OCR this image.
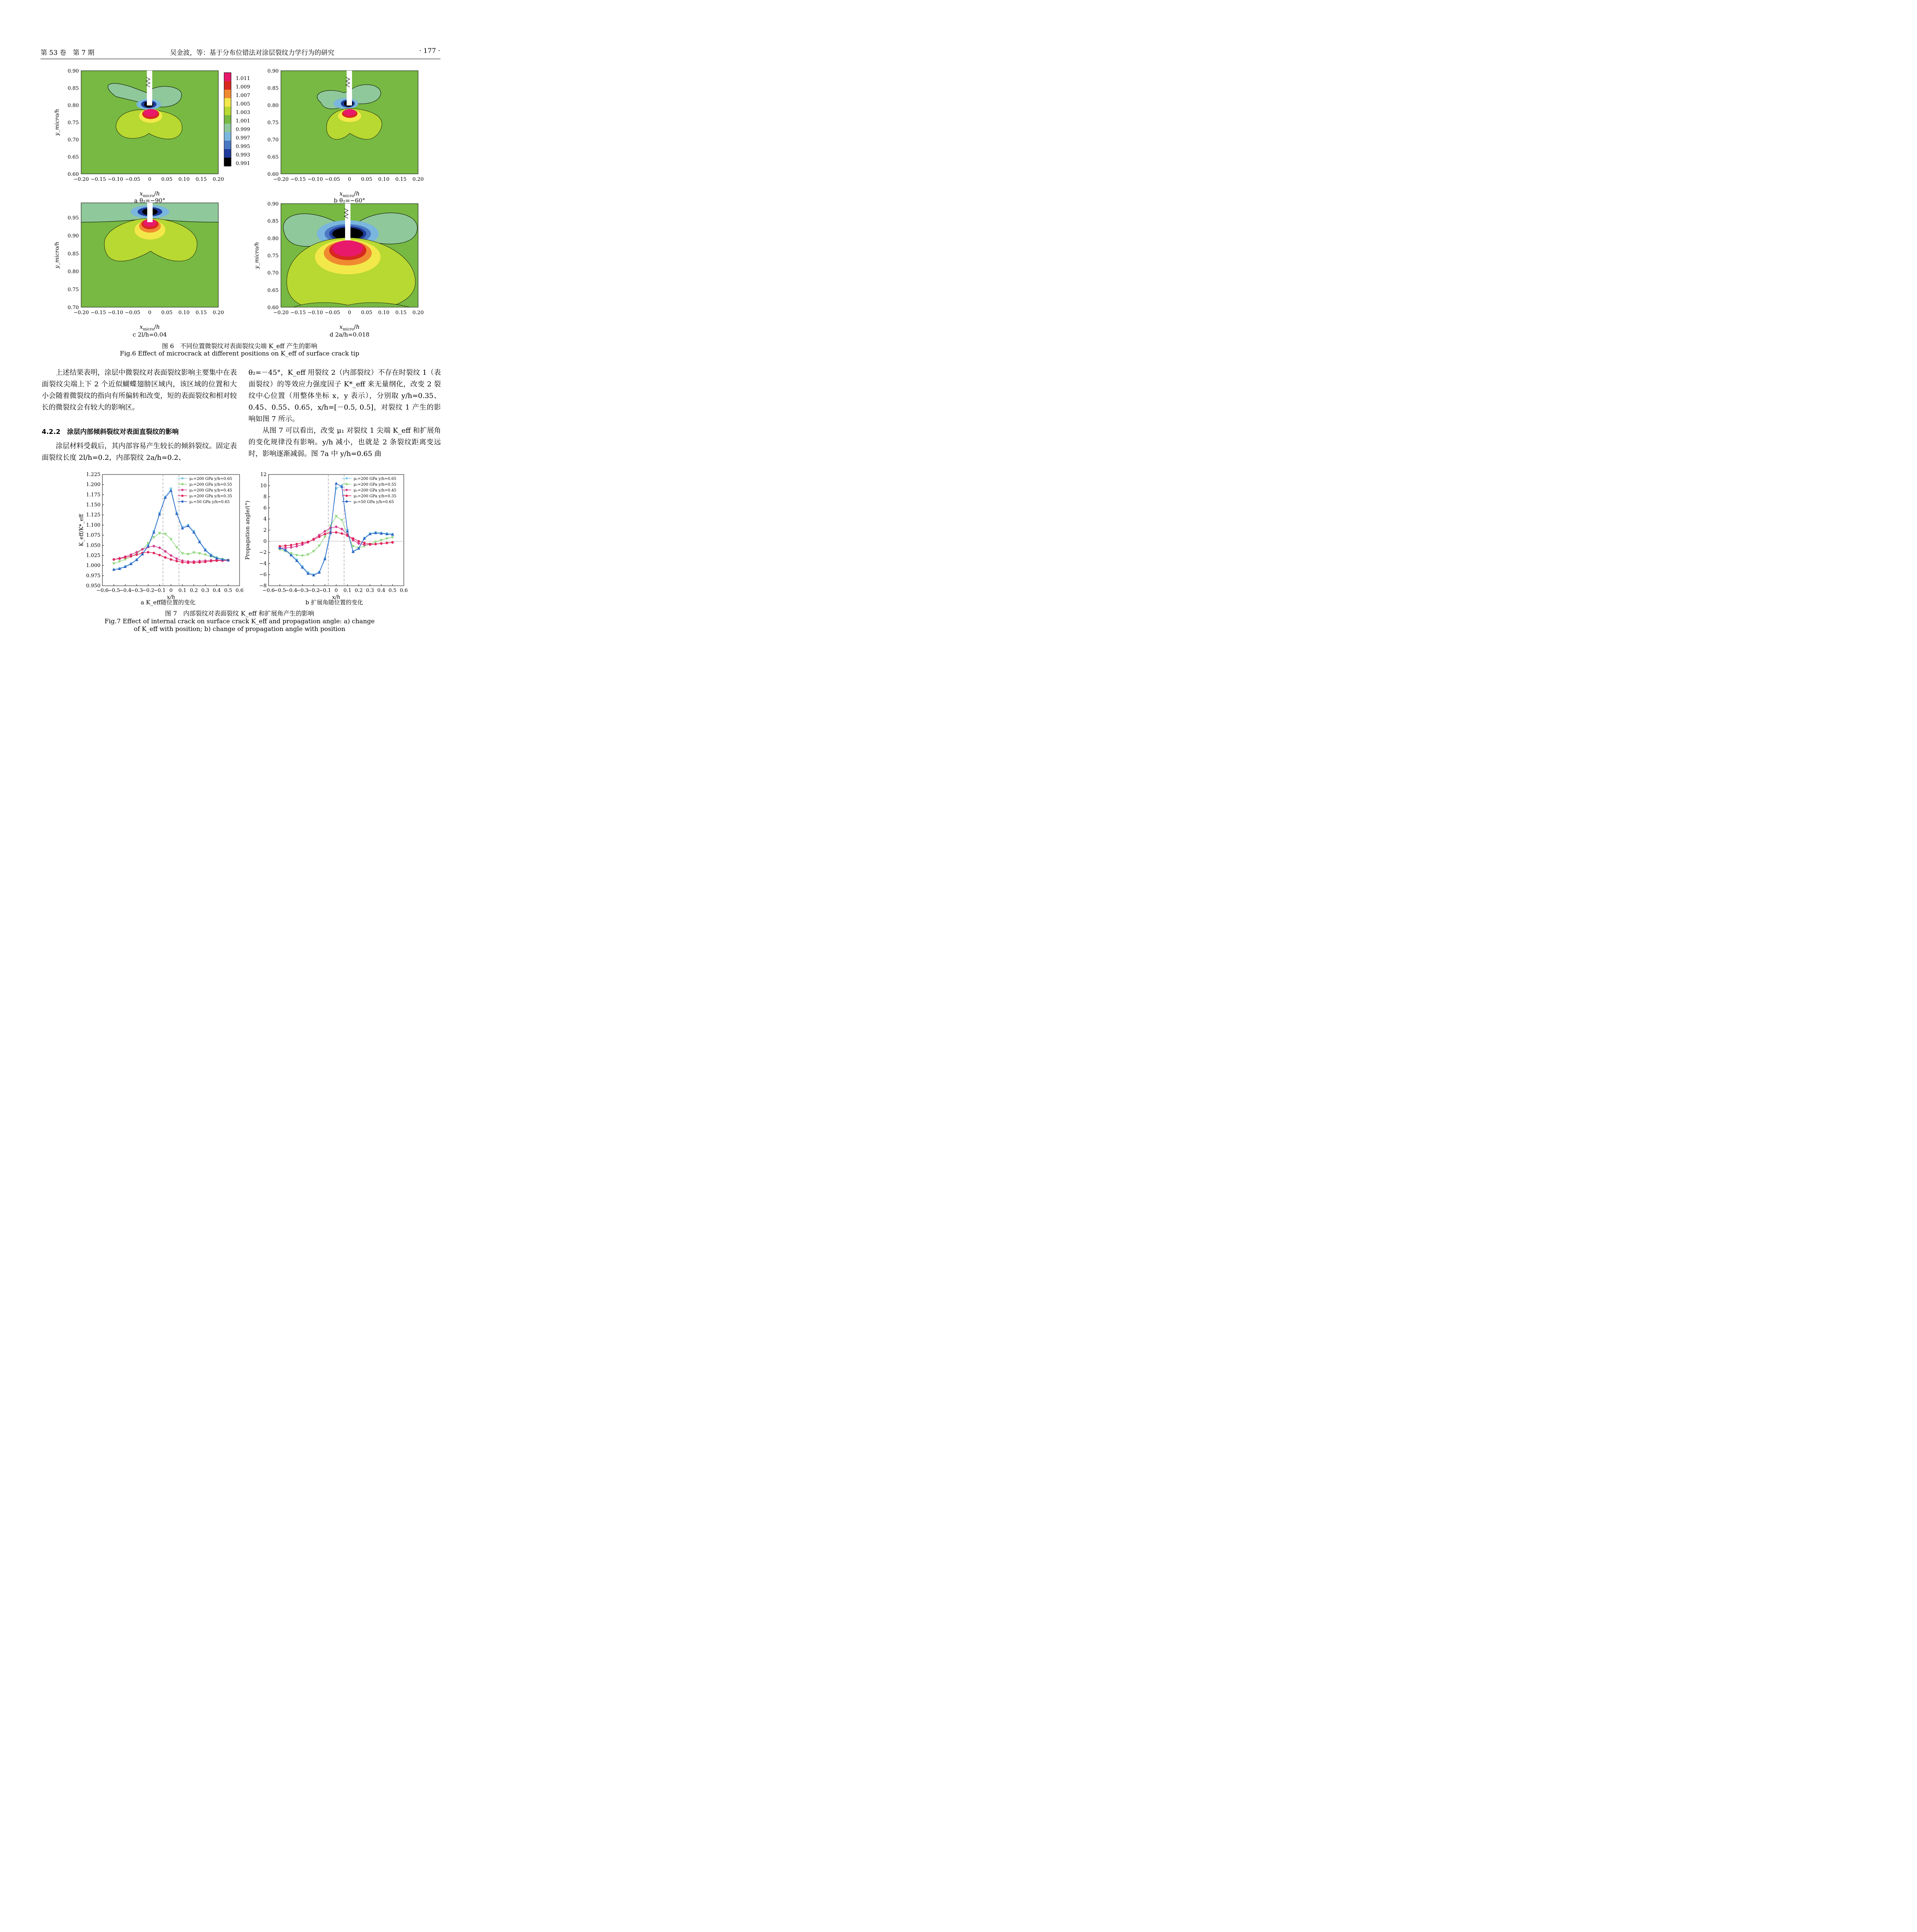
第 53 卷　第 7 期	吴金波，等：基于分布位错法对涂层裂纹力学行为的研究	· 177 ·
1.011
1.009
1.007
1.005
1.003
1.001
0.999
0.997
0.995
0.993
0.991
−0.20 −0.15 −0.10 −0.05 0 0.05 0.10 0.15 0.20
0.90
0.85
0.80
0.75
0.70
0.65
0.60
y_micro/h
−0.20 −0.15 −0.10 −0.05 0 0.05 0.10 0.15 0.20
0.90
0.85
0.80
0.75
0.70
0.65
0.60
−0.20 −0.15 −0.10 −0.05 0 0.05 0.10 0.15 0.20
0.95
0.90
0.85
0.80
0.75
0.70
y_micro/h
−0.20 −0.15 −0.10 −0.05 0 0.05 0.10 0.15 0.20
0.90
0.85
0.80
0.75
0.70
0.65
0.60
y_micro/h
$x_{micro}/h$	$x_{micro}/h$
$x_{micro}/h$	$x_{micro}/h$
a θ₂=−90°	b θ₂=−60°
c 2l/h=0.04	d 2a/h=0.018
图 6　不同位置微裂纹对表面裂纹尖端 K_eff 产生的影响
Fig.6 Effect of microcrack at different positions on K_eff of surface crack tip
上述结果表明，涂层中微裂纹对表面裂纹影响主要集中在表面裂纹尖端上下 2 个近似蝴蝶翅膀区域内，该区域的位置和大小会随着微裂纹的指向有所偏转和改变，短的表面裂纹和相对较长的微裂纹会有较大的影响区。
4.2.2　涂层内部倾斜裂纹对表面直裂纹的影响
涂层材料受载后，其内部容易产生较长的倾斜裂纹。固定表面裂纹长度 2l/h=0.2，内部裂纹 2a/h=0.2、
θ₂=－45°，K_eff 用裂纹 2（内部裂纹）不存在时裂纹 1（表面裂纹）的等效应力强度因子 K*_eff 来无量纲化，改变 2 裂纹中心位置（用整体坐标 x，y 表示），分别取 y/h=0.35、0.45、0.55、0.65，x/h=[－0.5, 0.5]，对裂纹 1 产生的影响如图 7 所示。
从图 7 可以看出，改变 μ₁ 对裂纹 1 尖端 K_eff 和扩展角的变化规律没有影响。y/h 减小，也就是 2 条裂纹距离变远时，影响逐渐减弱。图 7a 中 y/h=0.65 曲
−0.6
−0.5
−0.4
−0.3
−0.2
−0.1 0 0.1 0.2 0.3 0.4 0.5 0.6
1.225
1.200
1.175
1.150
1.125
1.100
1.075
1.050
1.025
1.000
0.975
0.950
x/h
K_eff/K*_eff
μ₁=200 GPa y/h=0.65
μ₁=200 GPa y/h=0.55
μ₁=200 GPa y/h=0.45
μ₁=200 GPa y/h=0.35
μ₁=50 GPa y/h=0.65
−0.6
−0.5
−0.4
−0.3
−0.2
−0.1 0 0.1 0.2 0.3 0.4 0.5 0.6
12
10
8
6
4
2
0
−2
−4
−6
−8
x/h
Propagation angle/(°)
μ₁=200 GPa y/h=0.65
μ₁=200 GPa y/h=0.55
μ₁=200 GPa y/h=0.45
μ₁=200 GPa y/h=0.35
μ₁=50 GPa y/h=0.65
a K_eff随位置的变化	b 扩展角随位置的变化
图 7　内部裂纹对表面裂纹 K_eff 和扩展角产生的影响
Fig.7 Effect of internal crack on surface crack K_eff and propagation angle: a) change
of K_eff with position; b) change of propagation angle with position
